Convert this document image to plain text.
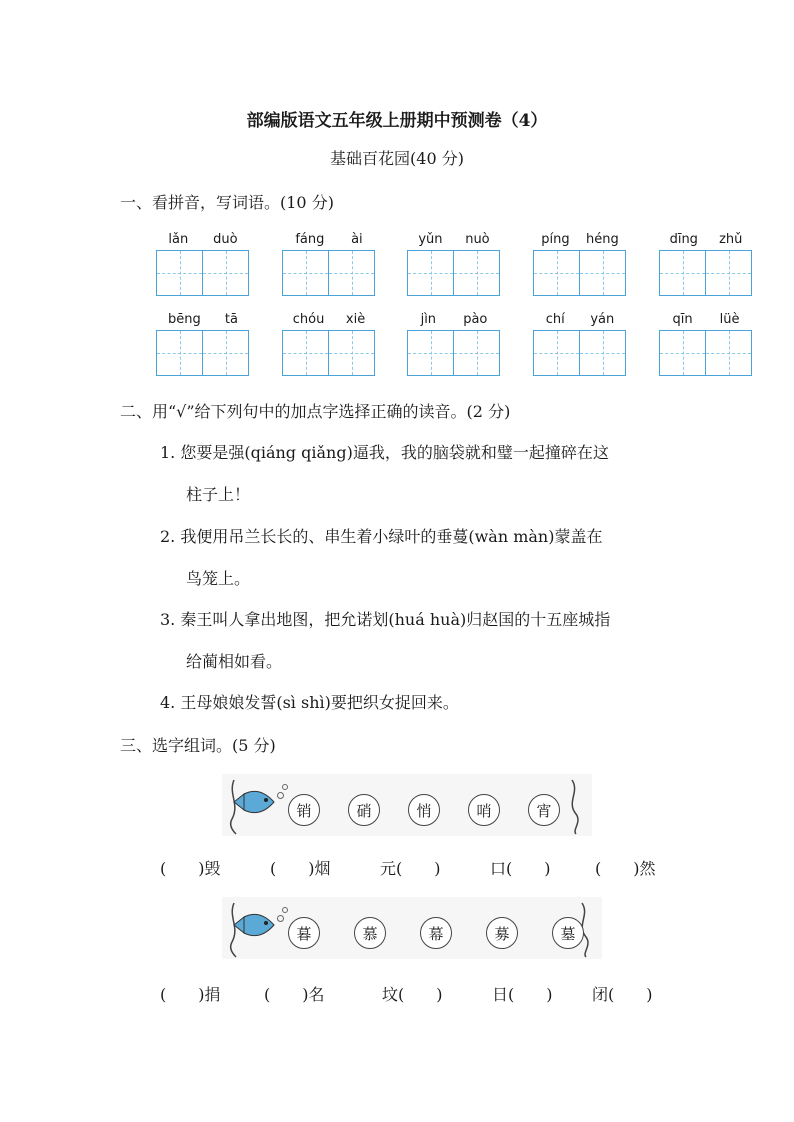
部编版语文五年级上册期中预测卷（4）
基础百花园(40 分)
一、看拼音，写词语。(10 分)
lǎn duò	fáng ài	yǔn nuò	píng héng	dīng zhǔ
bēng tā	chóu xiè	jìn pào	chí yán	qīn lüè
二、用“√”给下列句中的加点字选择正确的读音。(2 分)
1. 您要是强(qiáng qiǎng)逼我，我的脑袋就和璧一起撞碎在这
柱子上！
2. 我便用吊兰长长的、串生着小绿叶的垂蔓(wàn màn)蒙盖在
鸟笼上。
3. 秦王叫人拿出地图，把允诺划(huá huà)归赵国的十五座城指
给蔺相如看。
4. 王母娘娘发誓(sì shì)要把织女捉回来。
三、选字组词。(5 分)
销	硝	悄	哨	宵
(　　)毁	(　　)烟	元(　　)	口(　　)	(　　)然
暮	慕	幕	募	墓
(　　)捐	(　　)名	坟(　　)	日(　　)	闭(　　)
